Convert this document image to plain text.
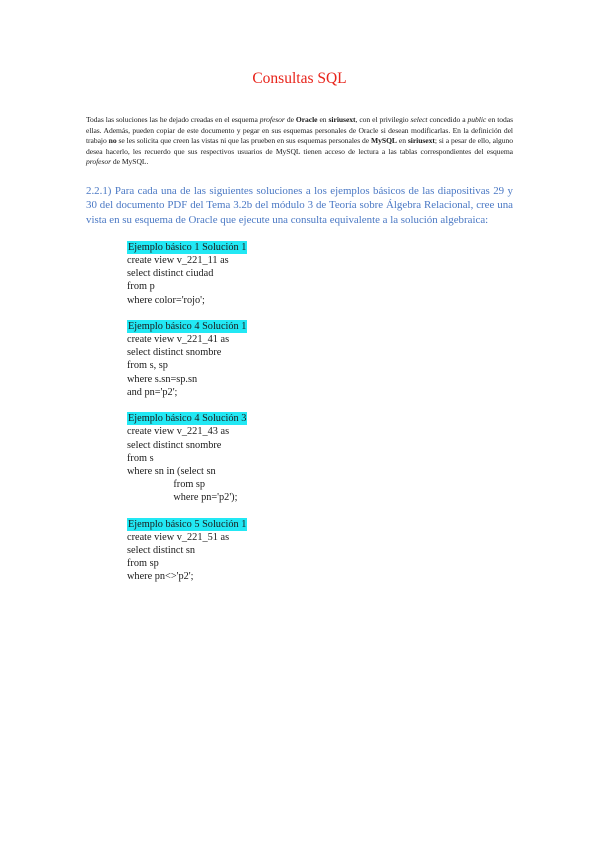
Consultas SQL

Todas las soluciones las he dejado creadas en el esquema profesor de Oracle en siriusext, con el privilegio select concedido a public en todas ellas. Además, pueden copiar de este documento y pegar en sus esquemas personales de Oracle si desean modificarlas. En la definición del trabajo no se les solicita que creen las vistas ni que las prueben en sus esquemas personales de MySQL en siriusext; si a pesar de ello, alguno desea hacerlo, les recuerdo que sus respectivos usuarios de MySQL tienen acceso de lectura a las tablas correspondientes del esquema profesor de MySQL.

2.2.1) Para cada una de las siguientes soluciones a los ejemplos básicos de las diapositivas 29 y 30 del documento PDF del Tema 3.2b del módulo 3 de Teoría sobre Álgebra Relacional, cree una vista en su esquema de Oracle que ejecute una consulta equivalente a la solución algebraica:

Ejemplo básico 1 Solución 1
create view v_221_11 as
select distinct ciudad
from p
where color='rojo';
Ejemplo básico 4 Solución 1
create view v_221_41 as
select distinct snombre
from s, sp
where s.sn=sp.sn
and pn='p2';
Ejemplo básico 4 Solución 3
create view v_221_43 as
select distinct snombre
from s
where sn in (select sn
from sp
where pn='p2');
Ejemplo básico 5 Solución 1
create view v_221_51 as
select distinct sn
from sp
where pn<>'p2';
